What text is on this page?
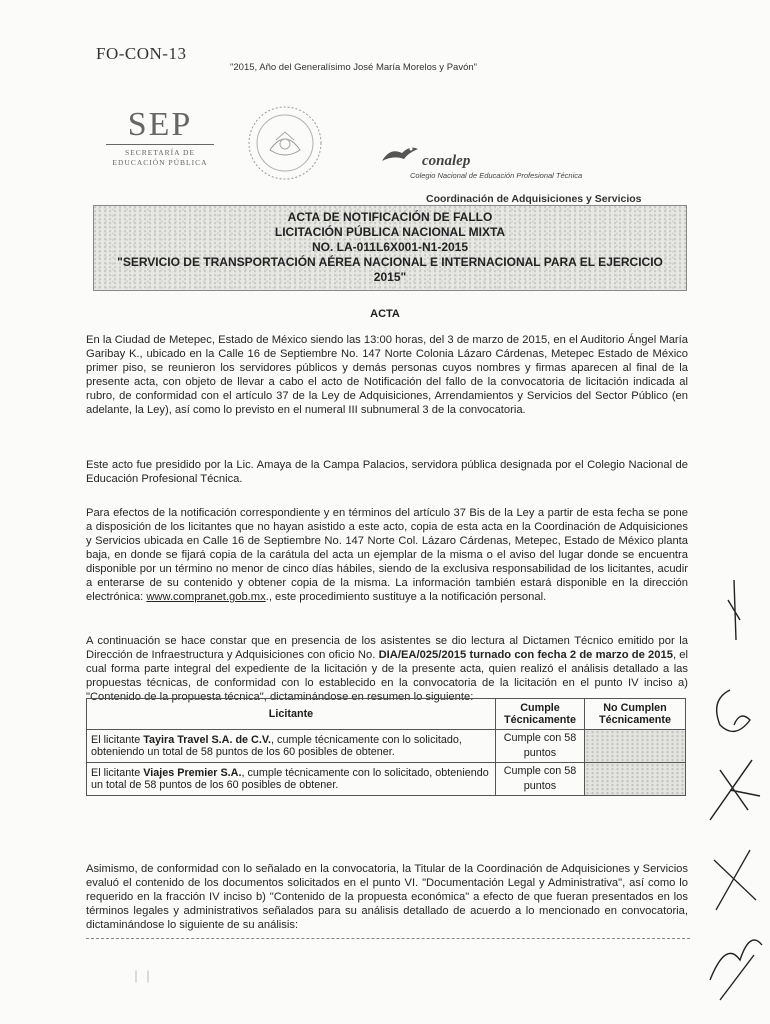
FO-CON-13
"2015, Año del Generalísimo José María Morelos y Pavón"
SEP
SECRETARÍA DE
EDUCACIÓN PÚBLICA	conalep
Colegio Nacional de Educación Profesional Técnica
Coordinación de Adquisiciones y Servicios
ACTA DE NOTIFICACIÓN DE FALLO
LICITACIÓN PÚBLICA NACIONAL MIXTA
NO. LA-011L6X001-N1-2015
"SERVICIO DE TRANSPORTACIÓN AÉREA NACIONAL E INTERNACIONAL PARA EL EJERCICIO
2015"
ACTA
En la Ciudad de Metepec, Estado de México siendo las 13:00 horas, del 3 de marzo de 2015, en el Auditorio Ángel María Garibay K., ubicado en la Calle 16 de Septiembre No. 147 Norte Colonia Lázaro Cárdenas, Metepec Estado de México primer piso, se reunieron los servidores públicos y demás personas cuyos nombres y firmas aparecen al final de la presente acta, con objeto de llevar a cabo el acto de Notificación del fallo de la convocatoria de licitación indicada al rubro, de conformidad con el artículo 37 de la Ley de Adquisiciones, Arrendamientos y Servicios del Sector Público (en adelante, la Ley), así como lo previsto en el numeral III subnumeral 3 de la convocatoria.
Este acto fue presidido por la Lic. Amaya de la Campa Palacios, servidora pública designada por el Colegio Nacional de Educación Profesional Técnica.
Para efectos de la notificación correspondiente y en términos del artículo 37 Bis de la Ley a partir de esta fecha se pone a disposición de los licitantes que no hayan asistido a este acto, copia de esta acta en la Coordinación de Adquisiciones y Servicios ubicada en Calle 16 de Septiembre No. 147 Norte Col. Lázaro Cárdenas, Metepec, Estado de México planta baja, en donde se fijará copia de la carátula del acta un ejemplar de la misma o el aviso del lugar donde se encuentra disponible por un término no menor de cinco días hábiles, siendo de la exclusiva responsabilidad de los licitantes, acudir a enterarse de su contenido y obtener copia de la misma. La información también estará disponible en la dirección electrónica: www.compranet.gob.mx., este procedimiento sustituye a la notificación personal.
A continuación se hace constar que en presencia de los asistentes se dio lectura al Dictamen Técnico emitido por la Dirección de Infraestructura y Adquisiciones con oficio No. DIA/EA/025/2015 turnado con fecha 2 de marzo de 2015, el cual forma parte integral del expediente de la licitación y de la presente acta, quien realizó el análisis detallado a las propuestas técnicas, de conformidad con lo establecido en la convocatoria de la licitación en el punto IV inciso a) "Contenido de la propuesta técnica", dictaminándose en resumen lo siguiente:
Licitante	Cumple Técnicamente	No Cumplen Técnicamente
El licitante Tayira Travel S.A. de C.V., cumple técnicamente con lo solicitado, obteniendo un total de 58 puntos de los 60 posibles de obtener.	Cumple con 58 puntos	
El licitante Viajes Premier S.A., cumple técnicamente con lo solicitado, obteniendo un total de 58 puntos de los 60 posibles de obtener.	Cumple con 58 puntos	
Asimismo, de conformidad con lo señalado en la convocatoria, la Titular de la Coordinación de Adquisiciones y Servicios evaluó el contenido de los documentos solicitados en el punto VI. "Documentación Legal y Administrativa", así como lo requerido en la fracción IV inciso b) "Contenido de la propuesta económica" a efecto de que fueran presentados en los términos legales y administrativos señalados para su análisis detallado de acuerdo a lo mencionado en convocatoria, dictaminándose lo siguiente de su análisis:
｜｜
